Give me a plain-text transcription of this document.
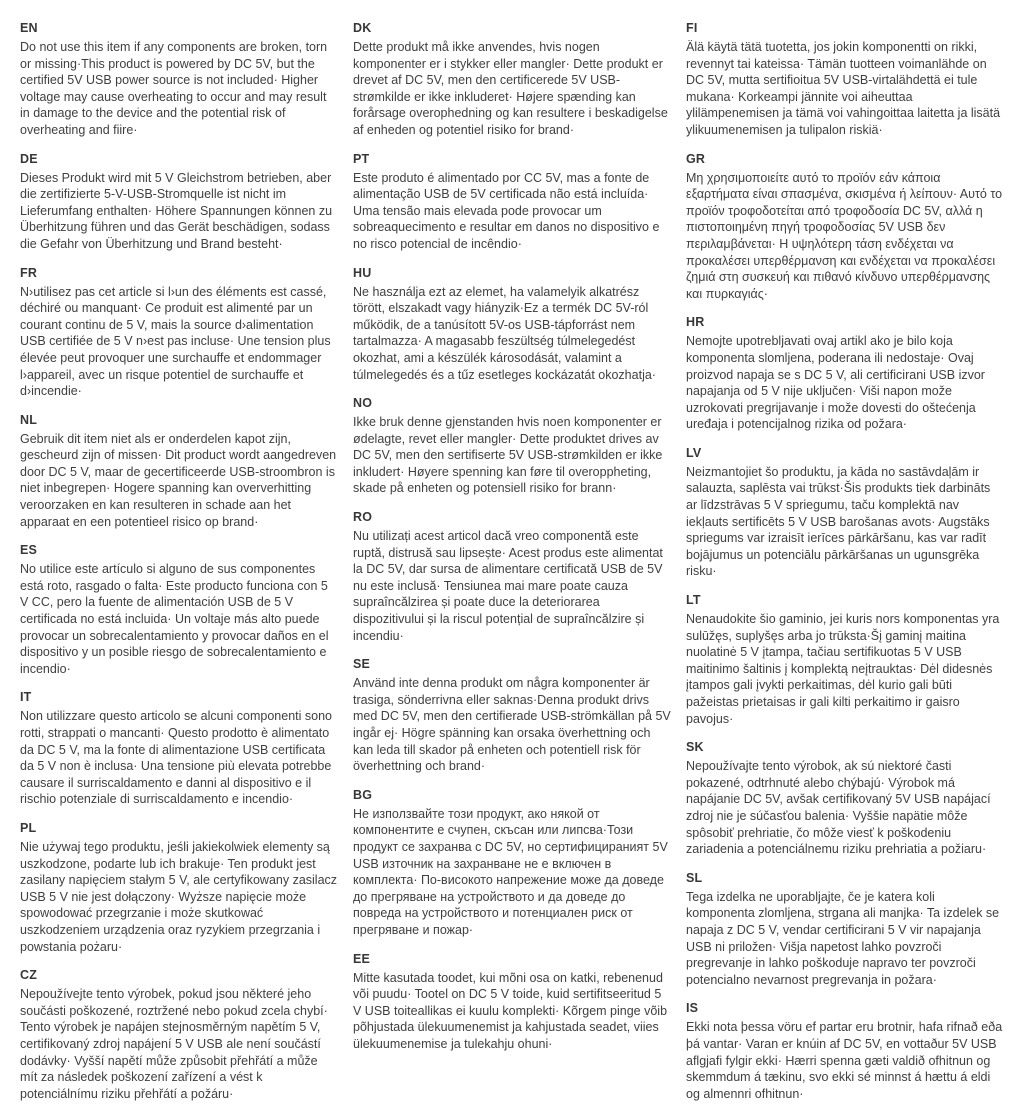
EN

Do not use this item if any components are broken, torn or missing·This product is powered by DC 5V, but the certified 5V USB power source is not included· Higher voltage may cause overheating to occur and may result in damage to the device and the potential risk of overheating and fiire·

DE

Dieses Produkt wird mit 5 V Gleichstrom betrieben, aber die zertifizierte 5-V-USB-Stromquelle ist nicht im Lieferumfang enthalten· Höhere Spannungen können zu Überhitzung führen und das Gerät beschädigen, sodass die Gefahr von Überhitzung und Brand besteht·

FR

N›utilisez pas cet article si l›un des éléments est cassé, déchiré ou manquant· Ce produit est alimenté par un courant continu de 5 V, mais la source d›alimentation USB certifiée de 5 V n›est pas incluse· Une tension plus élevée peut provoquer une surchauffe et endommager l›appareil, avec un risque potentiel de surchauffe et d›incendie·

NL

Gebruik dit item niet als er onderdelen kapot zijn, gescheurd zijn of missen· Dit product wordt aangedreven door DC 5 V, maar de gecertificeerde USB-stroombron is niet inbegrepen· Hogere spanning kan oververhitting veroorzaken en kan resulteren in schade aan het apparaat en een potentieel risico op brand·

ES

No utilice este artículo si alguno de sus componentes está roto, rasgado o falta· Este producto funciona con 5 V CC, pero la fuente de alimentación USB de 5 V certificada no está incluida· Un voltaje más alto puede provocar un sobrecalentamiento y provocar daños en el dispositivo y un posible riesgo de sobrecalentamiento e incendio·

IT

Non utilizzare questo articolo se alcuni componenti sono rotti, strappati o mancanti· Questo prodotto è alimentato da DC 5 V, ma la fonte di alimentazione USB certificata da 5 V non è inclusa· Una tensione più elevata potrebbe causare il surriscaldamento e danni al dispositivo e il rischio potenziale di surriscaldamento e incendio·

PL

Nie używaj tego produktu, jeśli jakiekolwiek elementy są uszkodzone, podarte lub ich brakuje· Ten produkt jest zasilany napięciem stałym 5 V, ale certyfikowany zasilacz USB 5 V nie jest dołączony· Wyższe napięcie może spowodować przegrzanie i może skutkować uszkodzeniem urządzenia oraz ryzykiem przegrzania i powstania pożaru·

CZ

Nepoužívejte tento výrobek, pokud jsou některé jeho součásti poškozené, roztržené nebo pokud zcela chybí· Tento výrobek je napájen stejnosměrným napětím 5 V, certifikovaný zdroj napájení 5 V USB ale není součástí dodávky· Vyšší napětí může způsobit přehřátí a může mít za následek poškození zařízení a vést k potenciálnímu riziku přehřátí a požáru·

DK

Dette produkt må ikke anvendes, hvis nogen komponenter er i stykker eller mangler· Dette produkt er drevet af DC 5V, men den certificerede 5V USB-strømkilde er ikke inkluderet· Højere spænding kan forårsage overophedning og kan resultere i beskadigelse af enheden og potentiel risiko for brand·

PT

Este produto é alimentado por CC 5V, mas a fonte de alimentação USB de 5V certificada não está incluída· Uma tensão mais elevada pode provocar um sobreaquecimento e resultar em danos no dispositivo e no risco potencial de incêndio·

HU

Ne használja ezt az elemet, ha valamelyik alkatrész törött, elszakadt vagy hiányzik·Ez a termék DC 5V-ról működik, de a tanúsított 5V-os USB-tápforrást nem tartalmazza· A magasabb feszültség túlmelegedést okozhat, ami a készülék károsodását, valamint a túlmelegedés és a tűz esetleges kockázatát okozhatja·

NO

Ikke bruk denne gjenstanden hvis noen komponenter er ødelagte, revet eller mangler· Dette produktet drives av DC 5V, men den sertifiserte 5V USB-strømkilden er ikke inkludert· Høyere spenning kan føre til overoppheting, skade på enheten og potensiell risiko for brann·

RO

Nu utilizați acest articol dacă vreo componentă este ruptă, distrusă sau lipsește· Acest produs este alimentat la DC 5V, dar sursa de alimentare certificată USB de 5V nu este inclusă· Tensiunea mai mare poate cauza supraîncălzirea și poate duce la deteriorarea dispozitivului și la riscul potențial de supraîncălzire și incendiu·

SE

Använd inte denna produkt om några komponenter är trasiga, sönderrivna eller saknas·Denna produkt drivs med DC 5V, men den certifierade USB-strömkällan på 5V ingår ej· Högre spänning kan orsaka överhettning och kan leda till skador på enheten och potentiell risk för överhettning och brand·

BG

Не използвайте този продукт, ако някой от компонентите е счупен, скъсан или липсва·Този продукт се захранва с DC 5V, но сертифицираният 5V USB източник на захранване не е включен в комплекта· По-високото напрежение може да доведе до прегряване на устройството и да доведе до повреда на устройството и потенциален риск от прегряване и пожар·

EE

Mitte kasutada toodet, kui mõni osa on katki, rebenenud või puudu· Tootel on DC 5 V toide, kuid sertifitseeritud 5 V USB toiteallikas ei kuulu komplekti· Kõrgem pinge võib põhjustada ülekuumenemist ja kahjustada seadet, viies ülekuumenemise ja tulekahju ohuni·

FI

Älä käytä tätä tuotetta, jos jokin komponentti on rikki, revennyt tai kateissa· Tämän tuotteen voimanlähde on DC 5V, mutta sertifioitua 5V USB-virtalähdettä ei tule mukana· Korkeampi jännite voi aiheuttaa ylilämpenemisen ja tämä voi vahingoittaa laitetta ja lisätä ylikuumenemisen ja tulipalon riskiä·

GR

Μη χρησιμοποιείτε αυτό το προϊόν εάν κάποια εξαρτήματα είναι σπασμένα, σκισμένα ή λείπουν· Αυτό το προϊόν τροφοδοτείται από τροφοδοσία DC 5V, αλλά η πιστοποιημένη πηγή τροφοδοσίας 5V USB δεν περιλαμβάνεται· Η υψηλότερη τάση ενδέχεται να προκαλέσει υπερθέρμανση και ενδέχεται να προκαλέσει ζημιά στη συσκευή και πιθανό κίνδυνο υπερθέρμανσης και πυρκαγιάς·

HR

Nemojte upotrebljavati ovaj artikl ako je bilo koja komponenta slomljena, poderana ili nedostaje· Ovaj proizvod napaja se s DC 5 V, ali certificirani USB izvor napajanja od 5 V nije uključen· Viši napon može uzrokovati pregrijavanje i može dovesti do oštećenja uređaja i potencijalnog rizika od požara·

LV

Neizmantojiet šo produktu, ja kāda no sastāvdaļām ir salauzta, saplēsta vai trūkst·Šis produkts tiek darbināts ar līdzstrāvas 5 V spriegumu, taču komplektā nav iekļauts sertificēts 5 V USB barošanas avots· Augstāks spriegums var izraisīt ierīces pārkāršanu, kas var radīt bojājumus un potenciālu pārkāršanas un ugunsgrēka risku·

LT

Nenaudokite šio gaminio, jei kuris nors komponentas yra sulūžęs, suplyšęs arba jo trūksta·Šį gaminį maitina nuolatinė 5 V įtampa, tačiau sertifikuotas 5 V USB maitinimo šaltinis į komplektą neįtrauktas· Dėl didesnės įtampos gali įvykti perkaitimas, dėl kurio gali būti pažeistas prietaisas ir gali kilti perkaitimo ir gaisro pavojus·

SK

Nepoužívajte tento výrobok, ak sú niektoré časti pokazené, odtrhnuté alebo chýbajú· Výrobok má napájanie DC 5V, avšak certifikovaný 5V USB napájací zdroj nie je súčasťou balenia· Vyššie napätie môže spôsobiť prehriatie, čo môže viesť k poškodeniu zariadenia a potenciálnemu riziku prehriatia a požiaru·

SL

Tega izdelka ne uporabljajte, če je katera koli komponenta zlomljena, strgana ali manjka· Ta izdelek se napaja z DC 5 V, vendar certificirani 5 V vir napajanja USB ni priložen· Višja napetost lahko povzroči pregrevanje in lahko poškoduje napravo ter povzroči potencialno nevarnost pregrevanja in požara·

IS

Ekki nota þessa vöru ef partar eru brotnir, hafa rifnað eða þá vantar· Varan er knúin af DC 5V, en vottaður 5V USB aflgjafi fylgir ekki· Hærri spenna gæti valdið ofhitnun og skemmdum á tækinu, svo ekki sé minnst á hættu á eldi og almennri ofhitnun·
